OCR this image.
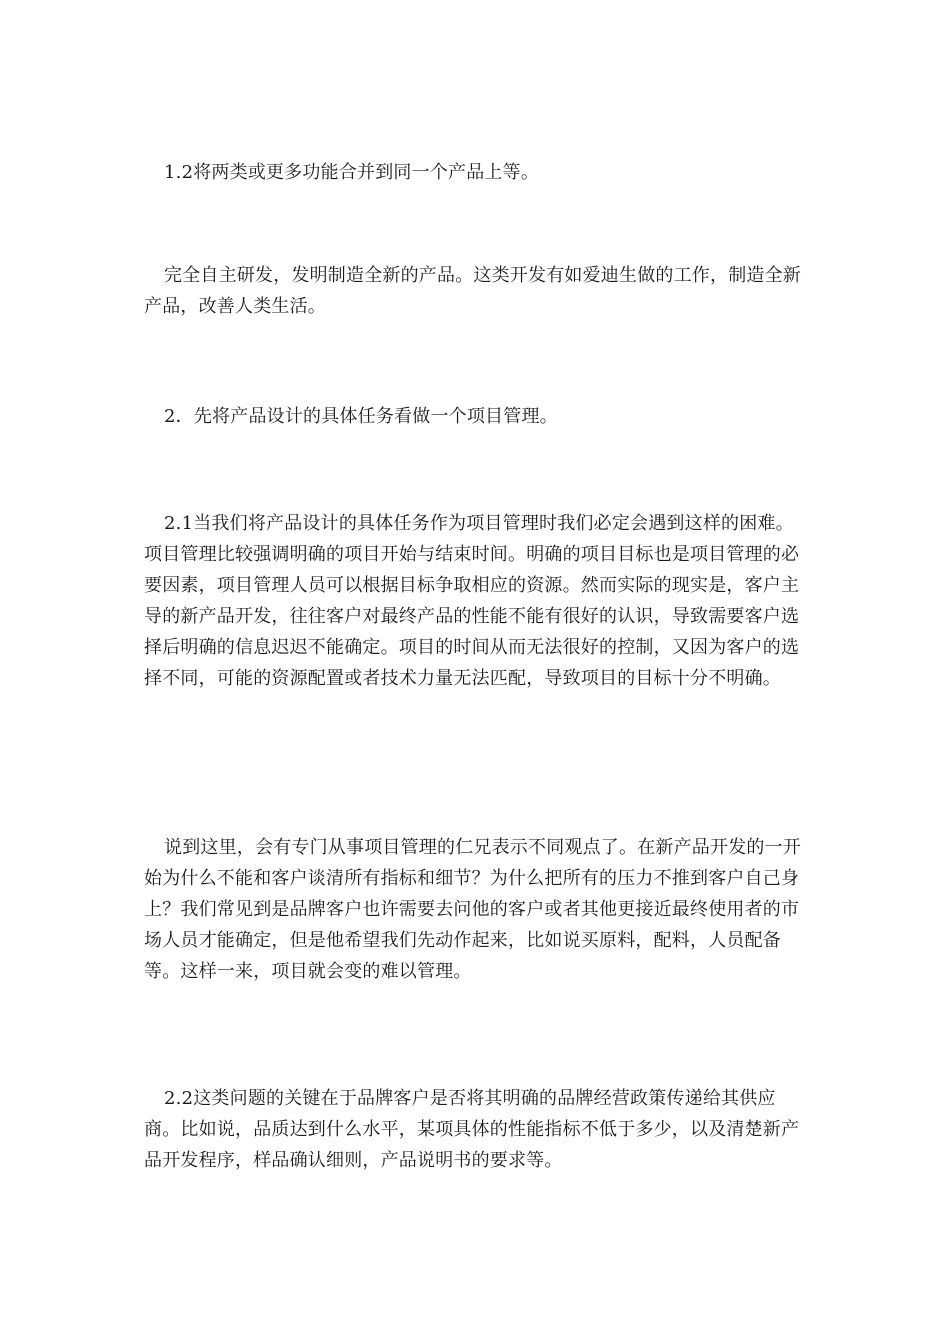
1.2将两类或更多功能合并到同一个产品上等。

完全自主研发，发明制造全新的产品。这类开发有如爱迪生做的工作，制造全新产品，改善人类生活。

2．先将产品设计的具体任务看做一个项目管理。

2.1当我们将产品设计的具体任务作为项目管理时我们必定会遇到这样的困难。项目管理比较强调明确的项目开始与结束时间。明确的项目目标也是项目管理的必要因素，项目管理人员可以根据目标争取相应的资源。然而实际的现实是，客户主导的新产品开发，往往客户对最终产品的性能不能有很好的认识，导致需要客户选择后明确的信息迟迟不能确定。项目的时间从而无法很好的控制，又因为客户的选择不同，可能的资源配置或者技术力量无法匹配，导致项目的目标十分不明确。

说到这里，会有专门从事项目管理的仁兄表示不同观点了。在新产品开发的一开始为什么不能和客户谈清所有指标和细节？为什么把所有的压力不推到客户自己身上？我们常见到是品牌客户也许需要去问他的客户或者其他更接近最终使用者的市场人员才能确定，但是他希望我们先动作起来，比如说买原料，配料，人员配备等。这样一来，项目就会变的难以管理。

2.2这类问题的关键在于品牌客户是否将其明确的品牌经营政策传递给其供应商。比如说，品质达到什么水平，某项具体的性能指标不低于多少，以及清楚新产品开发程序，样品确认细则，产品说明书的要求等。
